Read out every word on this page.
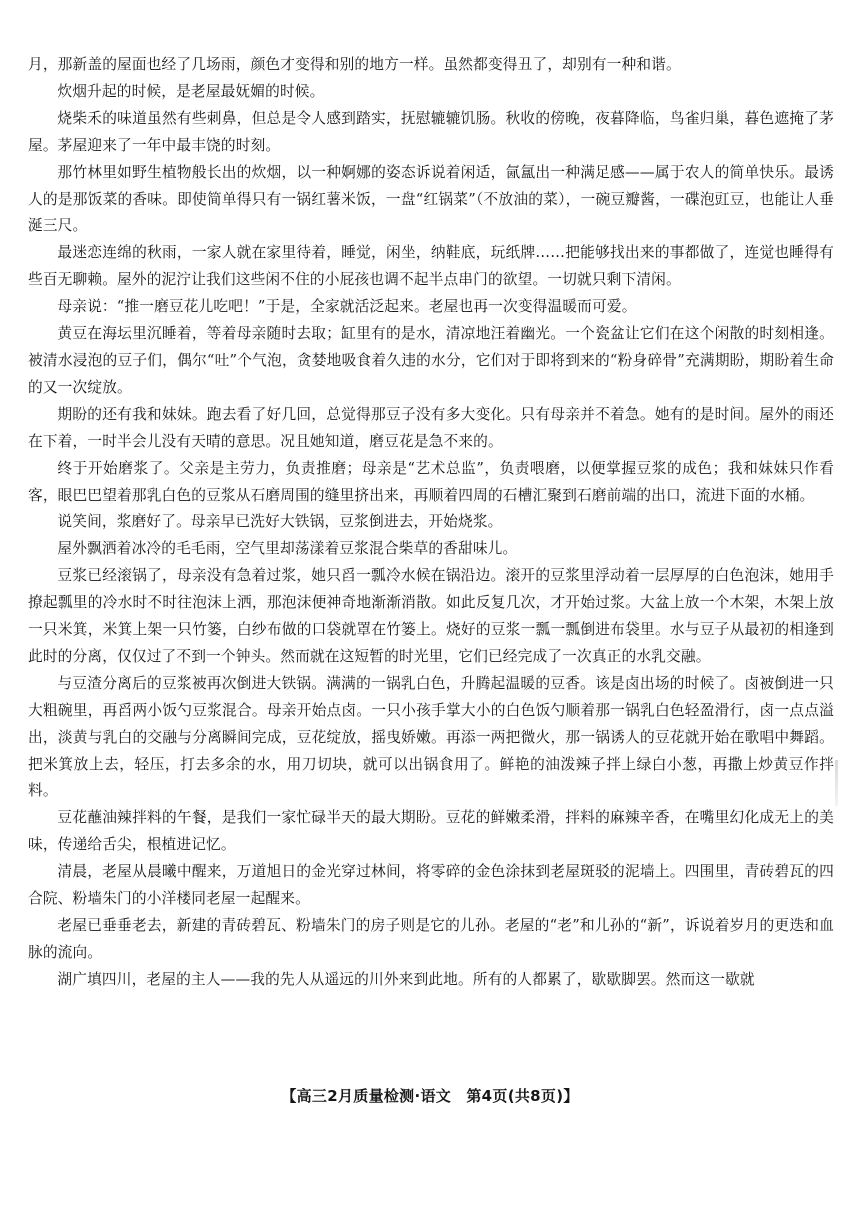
月，那新盖的屋面也经了几场雨，颜色才变得和别的地方一样。虽然都变得丑了，却别有一种和谐。

炊烟升起的时候，是老屋最妩媚的时候。

烧柴禾的味道虽然有些刺鼻，但总是令人感到踏实，抚慰辘辘饥肠。秋收的傍晚，夜暮降临，鸟雀归巢，暮色遮掩了茅屋。茅屋迎来了一年中最丰饶的时刻。

那竹林里如野生植物般长出的炊烟，以一种婀娜的姿态诉说着闲适，氤氲出一种满足感——属于农人的简单快乐。最诱人的是那饭菜的香味。即使简单得只有一锅红薯米饭，一盘“红锅菜”（不放油的菜），一碗豆瓣酱，一碟泡豇豆，也能让人垂涎三尺。

最迷恋连绵的秋雨，一家人就在家里待着，睡觉，闲坐，纳鞋底，玩纸牌……把能够找出来的事都做了，连觉也睡得有些百无聊赖。屋外的泥泞让我们这些闲不住的小屁孩也调不起半点串门的欲望。一切就只剩下清闲。

母亲说：“推一磨豆花儿吃吧！”于是，全家就活泛起来。老屋也再一次变得温暖而可爱。

黄豆在海坛里沉睡着，等着母亲随时去取；缸里有的是水，清凉地汪着幽光。一个瓷盆让它们在这个闲散的时刻相逢。被清水浸泡的豆子们，偶尔“吐”个气泡，贪婪地吸食着久违的水分，它们对于即将到来的“粉身碎骨”充满期盼，期盼着生命的又一次绽放。

期盼的还有我和妹妹。跑去看了好几回，总觉得那豆子没有多大变化。只有母亲并不着急。她有的是时间。屋外的雨还在下着，一时半会儿没有天晴的意思。况且她知道，磨豆花是急不来的。

终于开始磨浆了。父亲是主劳力，负责推磨；母亲是“艺术总监”，负责喂磨，以便掌握豆浆的成色；我和妹妹只作看客，眼巴巴望着那乳白色的豆浆从石磨周围的缝里挤出来，再顺着四周的石槽汇聚到石磨前端的出口，流进下面的水桶。

说笑间，浆磨好了。母亲早已洗好大铁锅，豆浆倒进去，开始烧浆。

屋外飘洒着冰冷的毛毛雨，空气里却荡漾着豆浆混合柴草的香甜味儿。

豆浆已经滚锅了，母亲没有急着过浆，她只舀一瓢冷水候在锅沿边。滚开的豆浆里浮动着一层厚厚的白色泡沫，她用手撩起瓢里的冷水时不时往泡沫上洒，那泡沫便神奇地渐渐消散。如此反复几次，才开始过浆。大盆上放一个木架，木架上放一只米箕，米箕上架一只竹篓，白纱布做的口袋就罩在竹篓上。烧好的豆浆一瓢一瓢倒进布袋里。水与豆子从最初的相逢到此时的分离，仅仅过了不到一个钟头。然而就在这短暂的时光里，它们已经完成了一次真正的水乳交融。

与豆渣分离后的豆浆被再次倒进大铁锅。满满的一锅乳白色，升腾起温暖的豆香。该是卤出场的时候了。卤被倒进一只大粗碗里，再舀两小饭勺豆浆混合。母亲开始点卤。一只小孩手掌大小的白色饭勺顺着那一锅乳白色轻盈滑行，卤一点点溢出，淡黄与乳白的交融与分离瞬间完成，豆花绽放，摇曳娇嫩。再添一两把微火，那一锅诱人的豆花就开始在歌唱中舞蹈。把米箕放上去，轻压，打去多余的水，用刀切块，就可以出锅食用了。鲜艳的油泼辣子拌上绿白小葱，再撒上炒黄豆作拌料。

豆花蘸油辣拌料的午餐，是我们一家忙碌半天的最大期盼。豆花的鲜嫩柔滑，拌料的麻辣辛香，在嘴里幻化成无上的美味，传递给舌尖，根植进记忆。

清晨，老屋从晨曦中醒来，万道旭日的金光穿过林间，将零碎的金色涂抹到老屋斑驳的泥墙上。四围里，青砖碧瓦的四合院、粉墙朱门的小洋楼同老屋一起醒来。

老屋已垂垂老去，新建的青砖碧瓦、粉墙朱门的房子则是它的儿孙。老屋的“老”和儿孙的“新”，诉说着岁月的更迭和血脉的流向。

湖广填四川，老屋的主人——我的先人从遥远的川外来到此地。所有的人都累了，歇歇脚罢。然而这一歇就

【高三2月质量检测·语文　第4页(共8页)】
